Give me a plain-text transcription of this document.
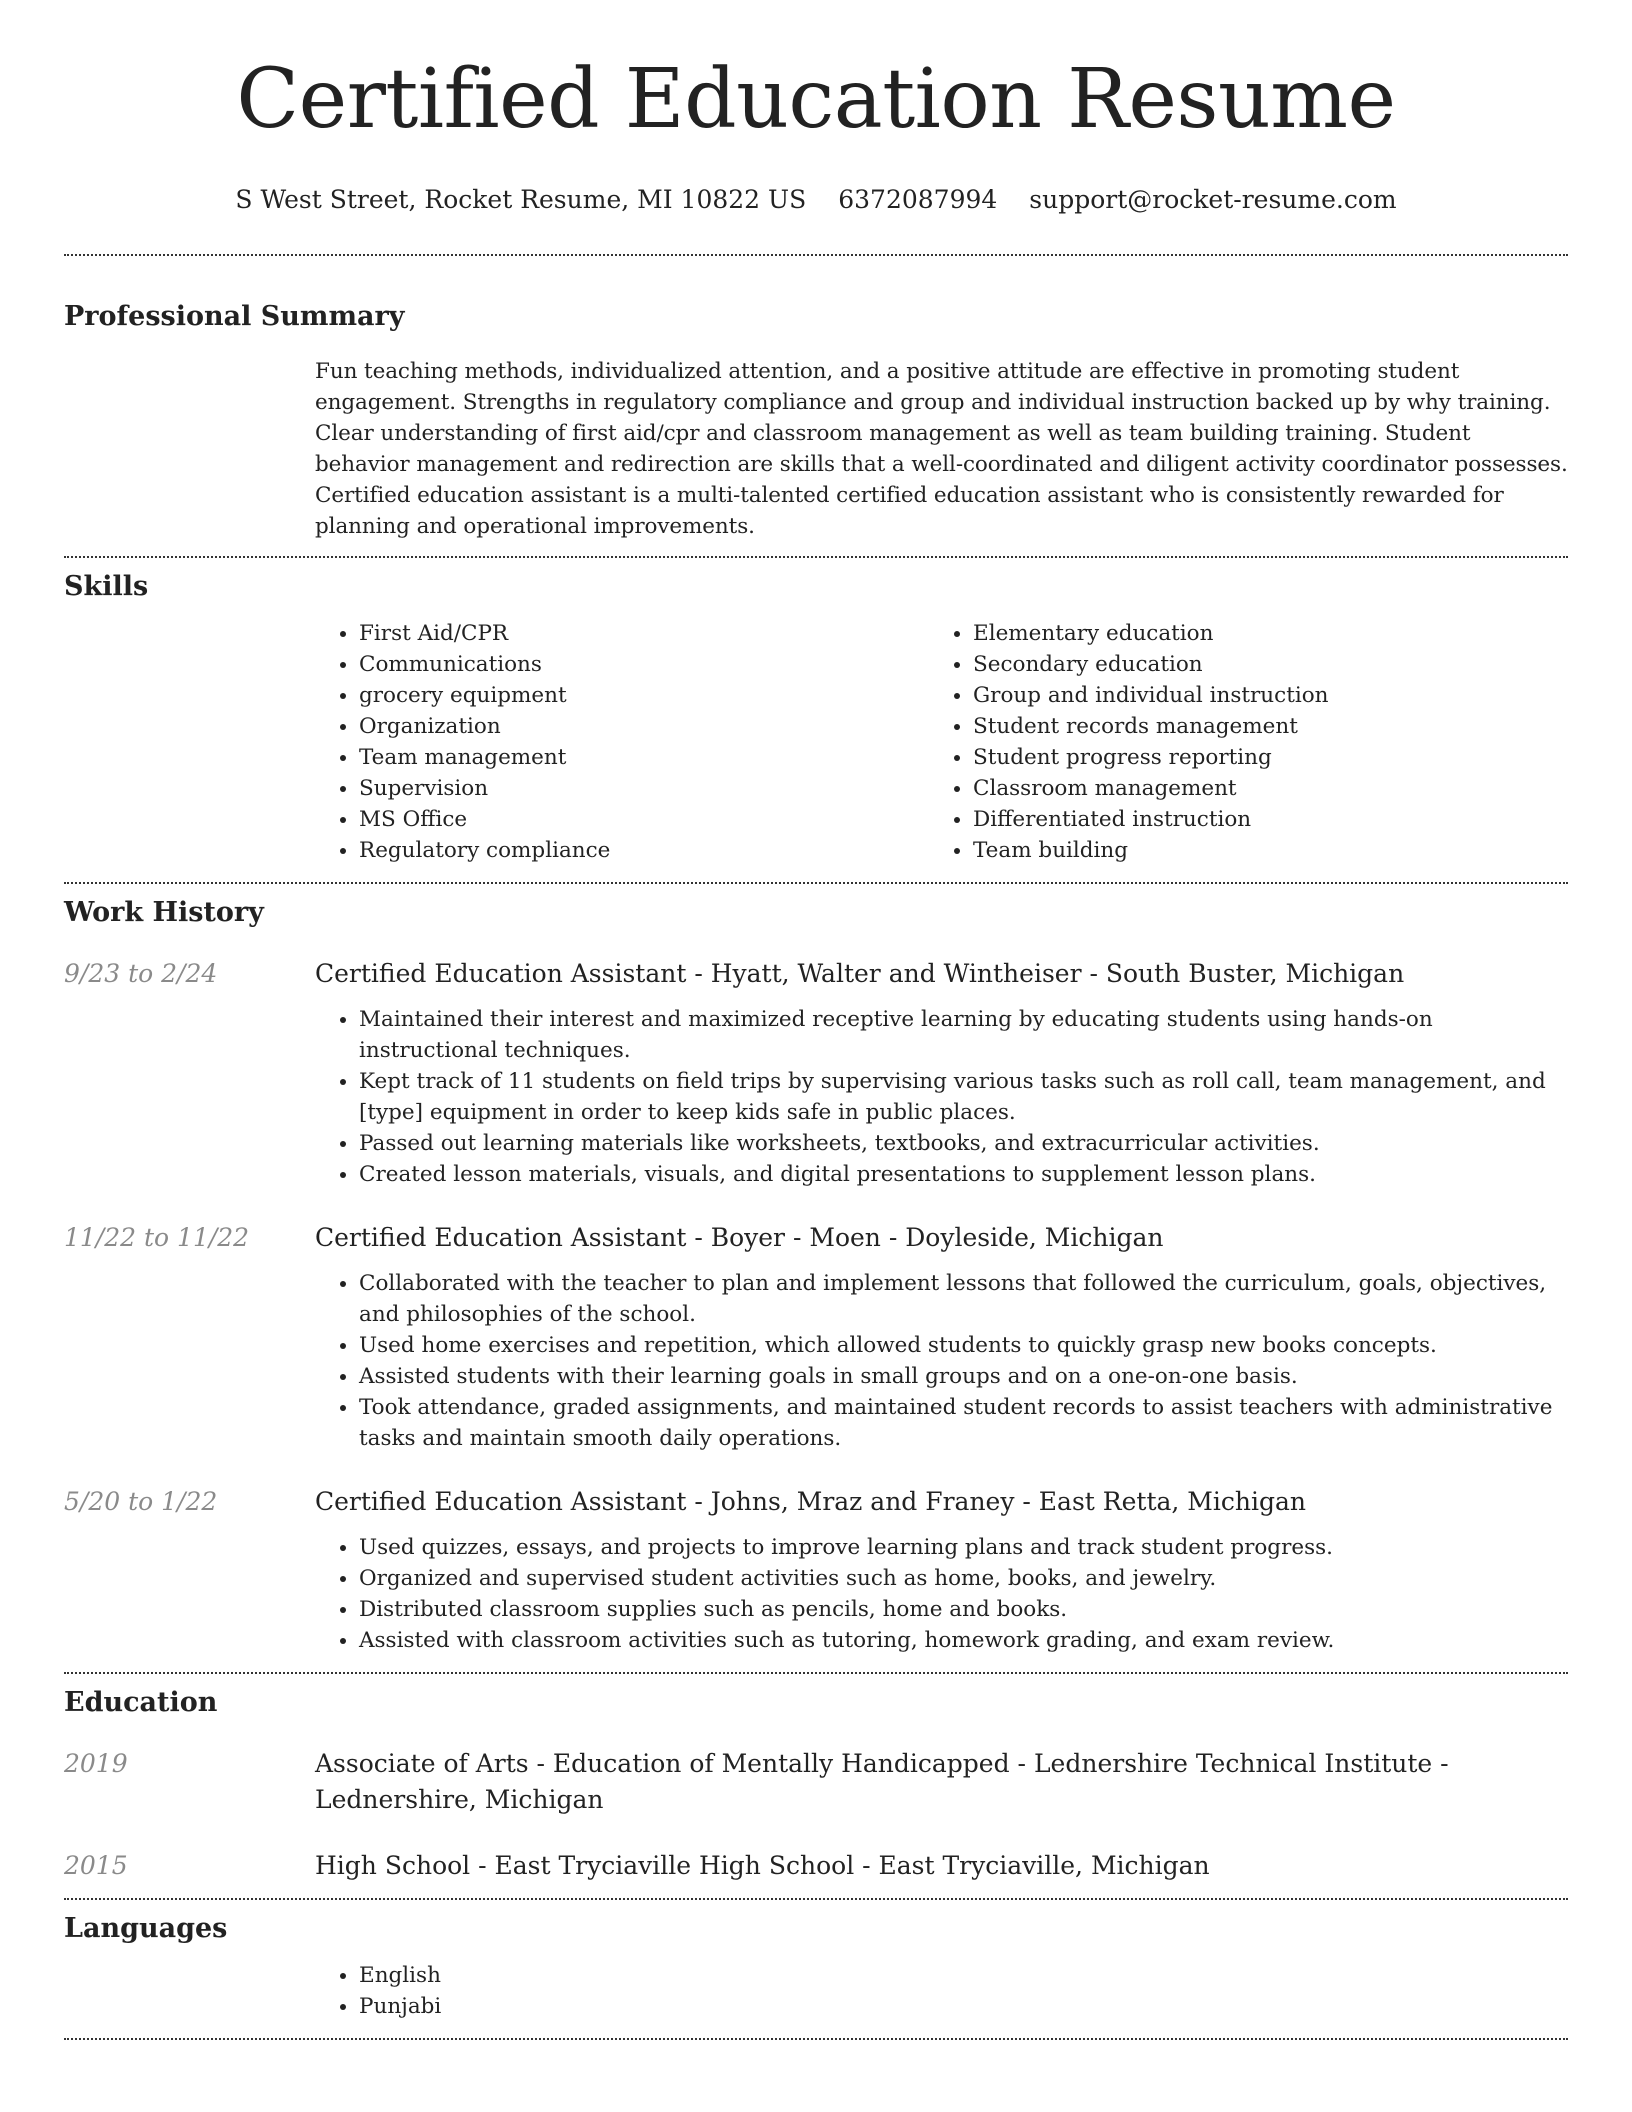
Certified Education Resume
S West Street, Rocket Resume, MI 10822 US 6372087994 support@rocket-resume.com
Professional Summary

Fun teaching methods, individualized attention, and a positive attitude are effective in promoting student engagement. Strengths in regulatory compliance and group and individual instruction backed up by why training. Clear understanding of first aid/cpr and classroom management as well as team building training. Student behavior management and redirection are skills that a well-coordinated and diligent activity coordinator possesses. Certified education assistant is a multi-talented certified education assistant who is consistently rewarded for planning and operational improvements.

Skills
• First Aid/CPR
• Communications
• grocery equipment
• Organization
• Team management
• Supervision
• MS Office
• Regulatory compliance
• Elementary education
• Secondary education
• Group and individual instruction
• Student records management
• Student progress reporting
• Classroom management
• Differentiated instruction
• Team building
Work History
9/23 to 2/24	Certified Education Assistant - Hyatt, Walter and Wintheiser - South Buster, Michigan

• Maintained their interest and maximized receptive learning by educating students using hands-on instructional techniques.
• Kept track of 11 students on field trips by supervising various tasks such as roll call, team management, and [type] equipment in order to keep kids safe in public places.
• Passed out learning materials like worksheets, textbooks, and extracurricular activities.
• Created lesson materials, visuals, and digital presentations to supplement lesson plans.
11/22 to 11/22	Certified Education Assistant - Boyer - Moen - Doyleside, Michigan

• Collaborated with the teacher to plan and implement lessons that followed the curriculum, goals, objectives, and philosophies of the school.
• Used home exercises and repetition, which allowed students to quickly grasp new books concepts.
• Assisted students with their learning goals in small groups and on a one-on-one basis.
• Took attendance, graded assignments, and maintained student records to assist teachers with administrative tasks and maintain smooth daily operations.
5/20 to 1/22	Certified Education Assistant - Johns, Mraz and Franey - East Retta, Michigan

• Used quizzes, essays, and projects to improve learning plans and track student progress.
• Organized and supervised student activities such as home, books, and jewelry.
• Distributed classroom supplies such as pencils, home and books.
• Assisted with classroom activities such as tutoring, homework grading, and exam review.
Education
2019	Associate of Arts - Education of Mentally Handicapped - Lednershire Technical Institute - Lednershire, Michigan

2015	High School - East Tryciaville High School - East Tryciaville, Michigan

Languages
• English
• Punjabi
